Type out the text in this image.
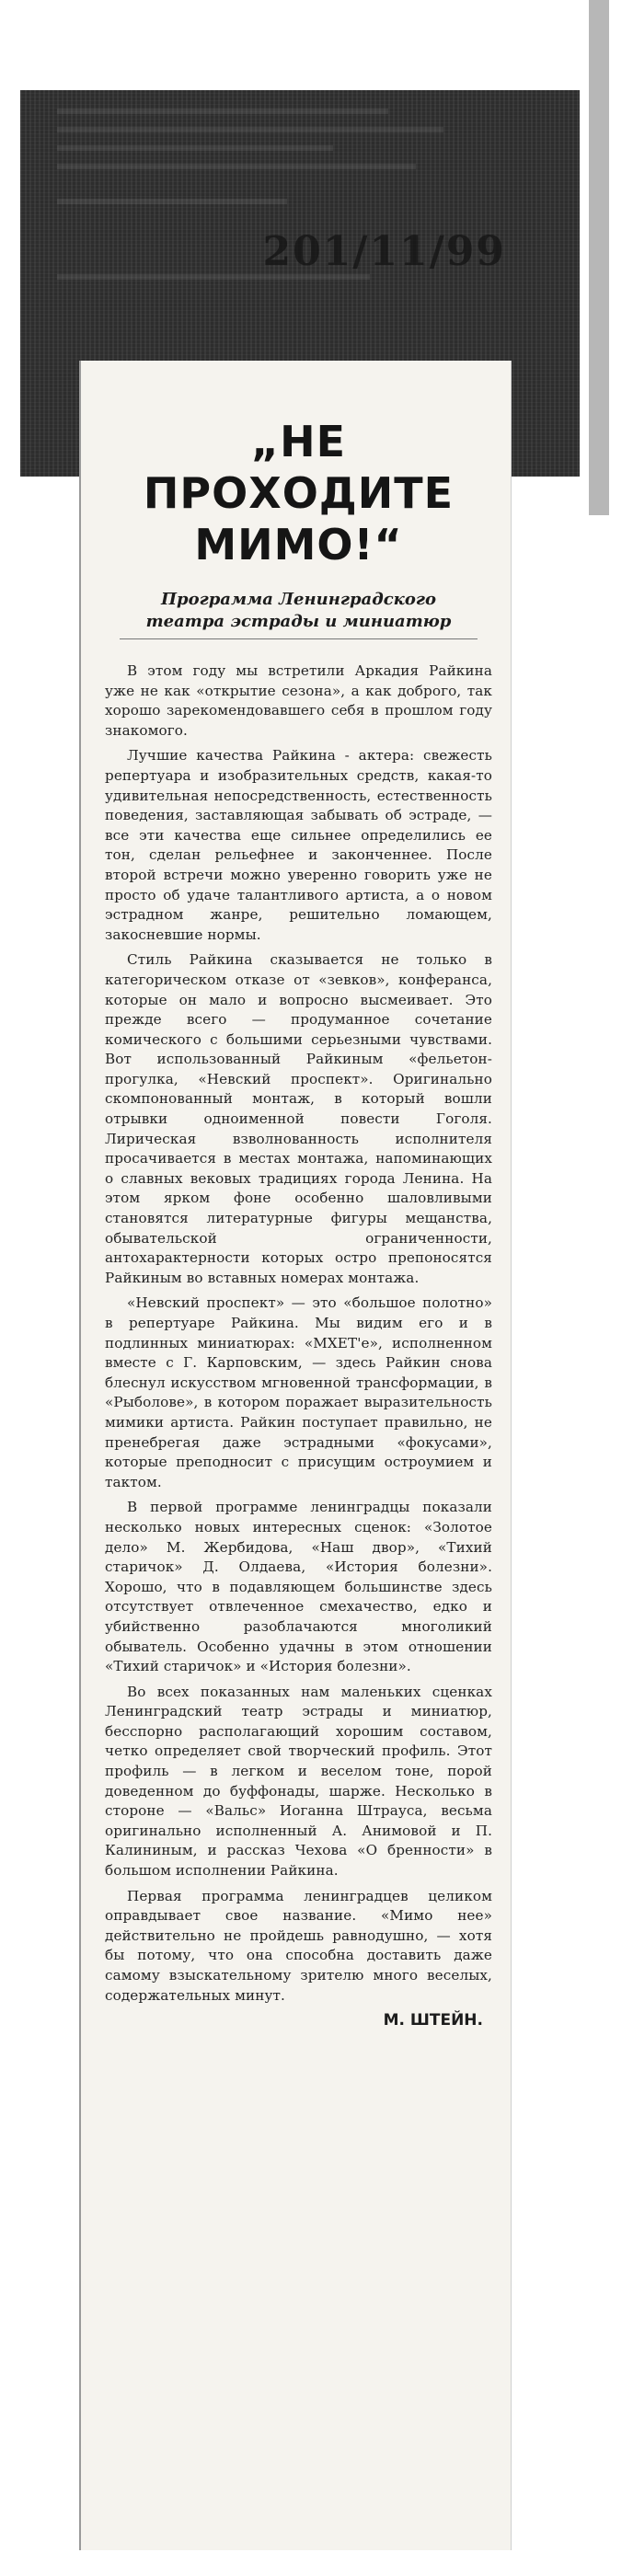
201/11/99
„НЕ ПРОХОДИТЕ МИМО!“
Программа Ленинградского театра эстрады и миниатюр

В этом году мы встретили Аркадия Райкина уже не как «открытие сезона», а как доброго, так хорошо зарекомендовавшего себя в прошлом году знакомого.

Лучшие качества Райкина - актера: свежесть репертуара и изобразительных средств, какая-то удивительная непосредственность, естественность поведения, заставляющая забывать об эстраде, — все эти качества еще сильнее определились ее тон, сделан рельефнее и законченнее. После второй встречи можно уверенно говорить уже не просто об удаче талантливого артиста, а о новом эстрадном жанре, решительно ломающем, закосневшие нормы.

Стиль Райкина сказывается не только в категорическом отказе от «зевков», конферанса, которые он мало и вопросно высмеивает. Это прежде всего — продуманное сочетание комического с большими серьезными чувствами. Вот использованный Райкиным «фельетон-прогулка, «Невский проспект». Оригинально скомпонованный монтаж, в который вошли отрывки одноименной повести Гоголя. Лирическая взволнованность исполнителя просачивается в местах монтажа, напоминающих о славных вековых традициях города Ленина. На этом ярком фоне особенно шаловливыми становятся литературные фигуры мещанства, обывательской ограниченности, антохарактерности которых остро препоносятся Райкиным во вставных номерах монтажа.

«Невский проспект» — это «большое полотно» в репертуаре Райкина. Мы видим его и в подлинных миниатюрах: «МХЕТ'е», исполненном вместе с Г. Карповским, — здесь Райкин снова блеснул искусством мгновенной трансформации, в «Рыболове», в котором поражает выразительность мимики артиста. Райкин поступает правильно, не пренебрегая даже эстрадными «фокусами», которые преподносит с присущим остроумием и тактом.

В первой программе ленинградцы показали несколько новых интересных сценок: «Золотое дело» М. Жербидова, «Наш двор», «Тихий старичок» Д. Олдаева, «История болезни». Хорошо, что в подавляющем большинстве здесь отсутствует отвлеченное смехачество, едко и убийственно разоблачаются многоликий обыватель. Особенно удачны в этом отношении «Тихий старичок» и «История болезни».

Во всех показанных нам маленьких сценках Ленинградский театр эстрады и миниатюр, бесспорно располагающий хорошим составом, четко определяет свой творческий профиль. Этот профиль — в легком и веселом тоне, порой доведенном до буффонады, шарже. Несколько в стороне — «Вальс» Иоганна Штрауса, весьма оригинально исполненный А. Анимовой и П. Калининым, и рассказ Чехова «О бренности» в большом исполнении Райкина.

Первая программа ленинградцев целиком оправдывает свое название. «Мимо нее» действительно не пройдешь равнодушно, — хотя бы потому, что она способна доставить даже самому взыскательному зрителю много веселых, содержательных минут.

М. ШТЕЙН.
